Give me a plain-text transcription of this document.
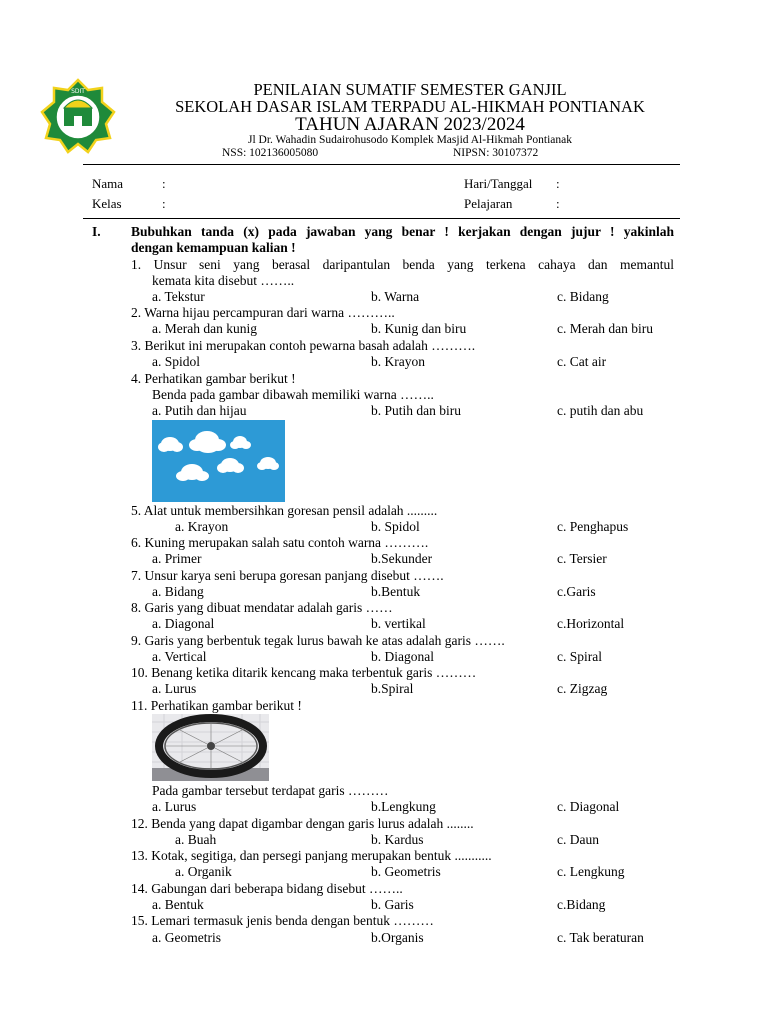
SDIT	PENILAIAN SUMATIF SEMESTER GANJIL
SEKOLAH DASAR ISLAM TERPADU AL-HIKMAH PONTIANAK
TAHUN AJARAN 2023/2024
Jl Dr. Wahadin Sudairohusodo Komplek Masjid Al-Hikmah Pontianak
NSS: 102136005080	NIPSN: 30107372
Nama	:	Hari/Tanggal :
Kelas	:	Pelajaran	:
I. Bubuhkan tanda (x) pada jawaban yang benar ! kerjakan dengan jujur ! yakinlah
dengan kemampuan kalian !
1. Unsur seni yang berasal daripantulan benda yang terkena cahaya dan memantul
kemata kita disebut ……..
a. Tekstur	b. Warna	c. Bidang
2. Warna hijau percampuran dari warna ………..
a. Merah dan kunig	b. Kunig dan biru	c. Merah dan biru
3. Berikut ini merupakan contoh pewarna basah adalah ……….
a. Spidol	b. Krayon	c. Cat air
4. Perhatikan gambar berikut !
Benda pada gambar dibawah memiliki warna ……..
a. Putih dan hijau	b. Putih dan biru	c. putih dan abu
5. Alat untuk membersihkan goresan pensil adalah .........
a. Krayon	b. Spidol	c. Penghapus
6. Kuning merupakan salah satu contoh warna ……….
a. Primer	b.Sekunder	c. Tersier
7. Unsur karya seni berupa goresan panjang disebut …….
a. Bidang	b.Bentuk	c.Garis
8. Garis yang dibuat mendatar adalah garis ……
a. Diagonal	b. vertikal	c.Horizontal
9. Garis yang berbentuk tegak lurus bawah ke atas adalah garis …….
a. Vertical	b. Diagonal	c. Spiral
10. Benang ketika ditarik kencang maka terbentuk garis ………
a. Lurus	b.Spiral	c. Zigzag
11. Perhatikan gambar berikut !
Pada gambar tersebut terdapat garis ………
a. Lurus	b.Lengkung	c. Diagonal
12. Benda yang dapat digambar dengan garis lurus adalah ........
a. Buah	b. Kardus	c. Daun
13. Kotak, segitiga, dan persegi panjang merupakan bentuk ...........
a. Organik	b. Geometris	c. Lengkung
14. Gabungan dari beberapa bidang disebut ……..
a. Bentuk	b. Garis	c.Bidang
15. Lemari termasuk jenis benda dengan bentuk ………
a. Geometris	b.Organis	c. Tak beraturan
